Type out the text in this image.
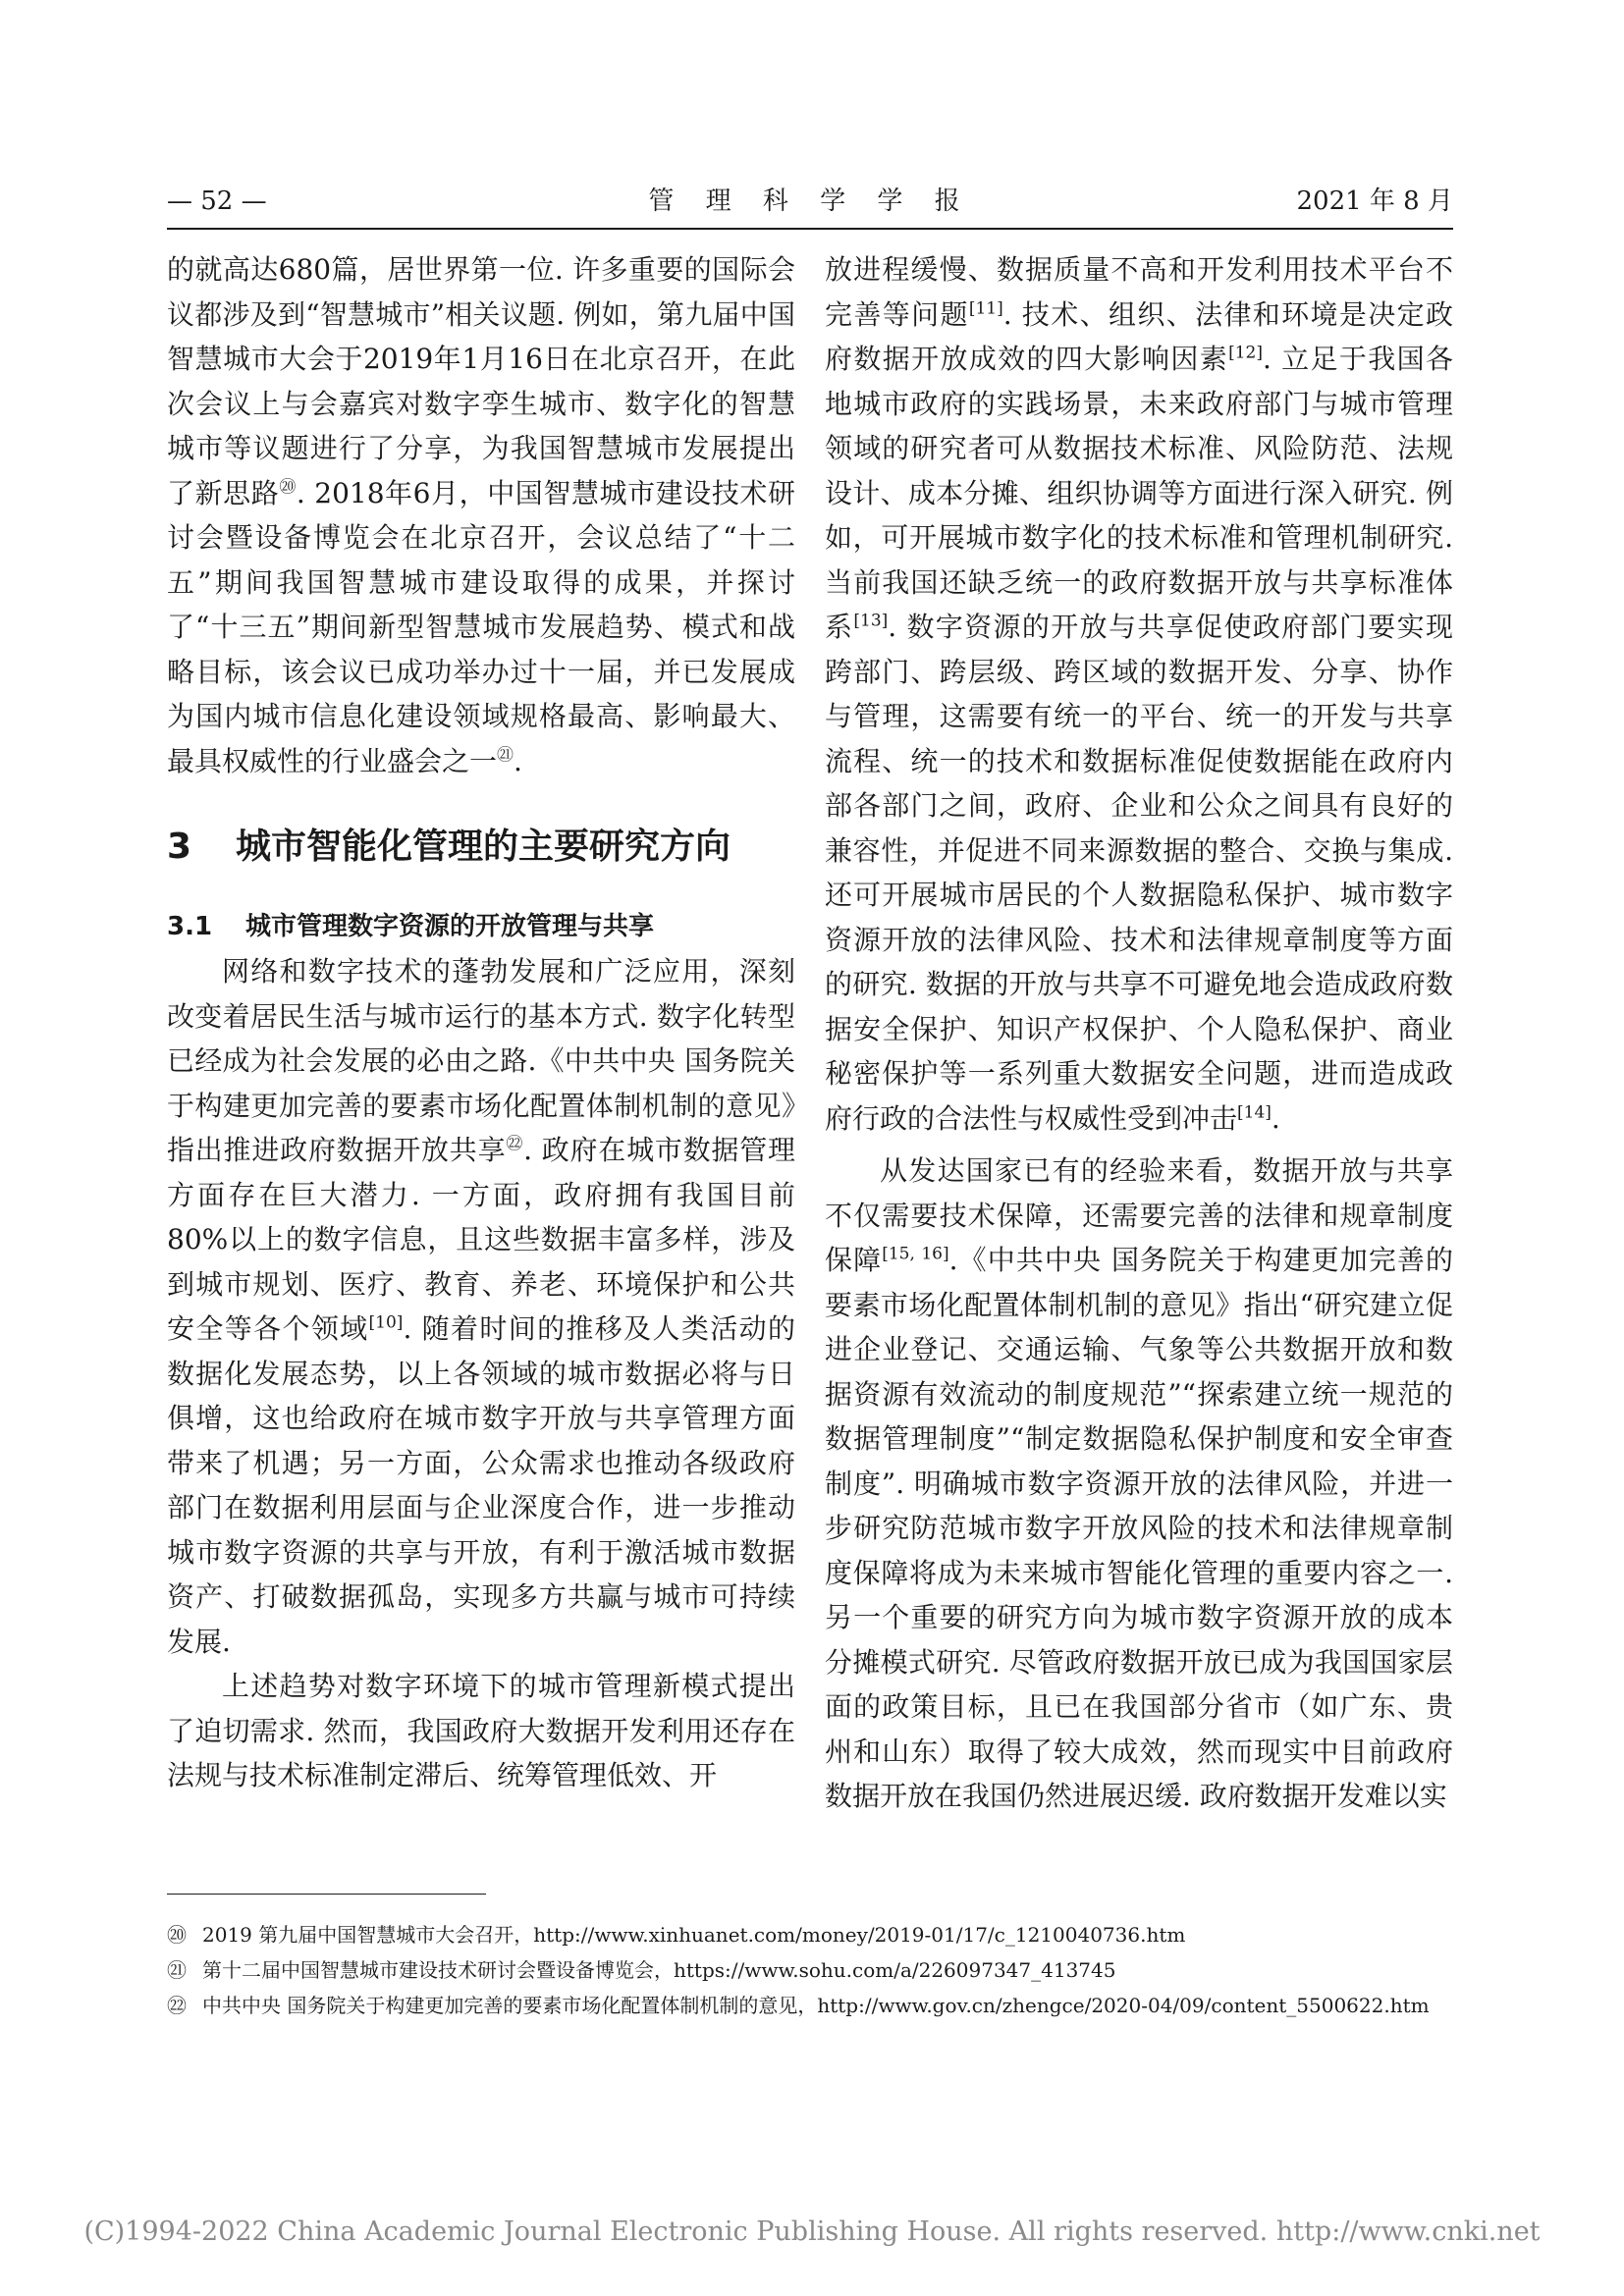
— 52 —	管 理 科 学 学 报	2021 年 8 月

的就高达680篇，居世界第一位. 许多重要的国际会议都涉及到“智慧城市”相关议题. 例如，第九届中国智慧城市大会于2019年1月16日在北京召开，在此次会议上与会嘉宾对数字孪生城市、数字化的智慧城市等议题进行了分享，为我国智慧城市发展提出了新思路⑳. 2018年6月，中国智慧城市建设技术研讨会暨设备博览会在北京召开，会议总结了“十二五”期间我国智慧城市建设取得的成果，并探讨了“十三五”期间新型智慧城市发展趋势、模式和战略目标，该会议已成功举办过十一届，并已发展成为国内城市信息化建设领域规格最高、影响最大、最具权威性的行业盛会之一$^㉑$.

3 城市智能化管理的主要研究方向
3.1 城市管理数字资源的开放管理与共享

网络和数字技术的蓬勃发展和广泛应用，深刻改变着居民生活与城市运行的基本方式. 数字化转型已经成为社会发展的必由之路.《中共中央 国务院关于构建更加完善的要素市场化配置体制机制的意见》指出推进政府数据开放共享$^㉒$. 政府在城市数据管理方面存在巨大潜力. 一方面，政府拥有我国目前80%以上的数字信息，且这些数据丰富多样，涉及到城市规划、医疗、教育、养老、环境保护和公共安全等各个领域[10]. 随着时间的推移及人类活动的数据化发展态势，以上各领域的城市数据必将与日俱增，这也给政府在城市数字开放与共享管理方面带来了机遇；另一方面，公众需求也推动各级政府部门在数据利用层面与企业深度合作，进一步推动城市数字资源的共享与开放，有利于激活城市数据资产、打破数据孤岛，实现多方共赢与城市可持续发展.

上述趋势对数字环境下的城市管理新模式提出了迫切需求. 然而，我国政府大数据开发利用还存在法规与技术标准制定滞后、统筹管理低效、开

放进程缓慢、数据质量不高和开发利用技术平台不完善等问题[11]. 技术、组织、法律和环境是决定政府数据开放成效的四大影响因素[12]. 立足于我国各地城市政府的实践场景，未来政府部门与城市管理领域的研究者可从数据技术标准、风险防范、法规设计、成本分摊、组织协调等方面进行深入研究. 例如，可开展城市数字化的技术标准和管理机制研究. 当前我国还缺乏统一的政府数据开放与共享标准体系[13]. 数字资源的开放与共享促使政府部门要实现跨部门、跨层级、跨区域的数据开发、分享、协作与管理，这需要有统一的平台、统一的开发与共享流程、统一的技术和数据标准促使数据能在政府内部各部门之间，政府、企业和公众之间具有良好的兼容性，并促进不同来源数据的整合、交换与集成. 还可开展城市居民的个人数据隐私保护、城市数字资源开放的法律风险、技术和法律规章制度等方面的研究. 数据的开放与共享不可避免地会造成政府数据安全保护、知识产权保护、个人隐私保护、商业秘密保护等一系列重大数据安全问题，进而造成政府行政的合法性与权威性受到冲击[14].

从发达国家已有的经验来看，数据开放与共享不仅需要技术保障，还需要完善的法律和规章制度保障[15, 16].《中共中央 国务院关于构建更加完善的要素市场化配置体制机制的意见》指出“研究建立促进企业登记、交通运输、气象等公共数据开放和数据资源有效流动的制度规范”“探索建立统一规范的数据管理制度”“制定数据隐私保护制度和安全审查制度”. 明确城市数字资源开放的法律风险，并进一步研究防范城市数字开放风险的技术和法律规章制度保障将成为未来城市智能化管理的重要内容之一. 另一个重要的研究方向为城市数字资源开放的成本分摊模式研究. 尽管政府数据开放已成为我国国家层面的政策目标，且已在我国部分省市（如广东、贵州和山东）取得了较大成效，然而现实中目前政府数据开放在我国仍然进展迟缓. 政府数据开发难以实

⑳ 2019 第九届中国智慧城市大会召开，http://www.xinhuanet.com/money/2019-01/17/c_1210040736.htm
㉑ 第十二届中国智慧城市建设技术研讨会暨设备博览会，https://www.sohu.com/a/226097347_413745
㉒ 中共中央 国务院关于构建更加完善的要素市场化配置体制机制的意见，http://www.gov.cn/zhengce/2020-04/09/content_5500622.htm
(C)1994-2022 China Academic Journal Electronic Publishing House. All rights reserved. http://www.cnki.net
